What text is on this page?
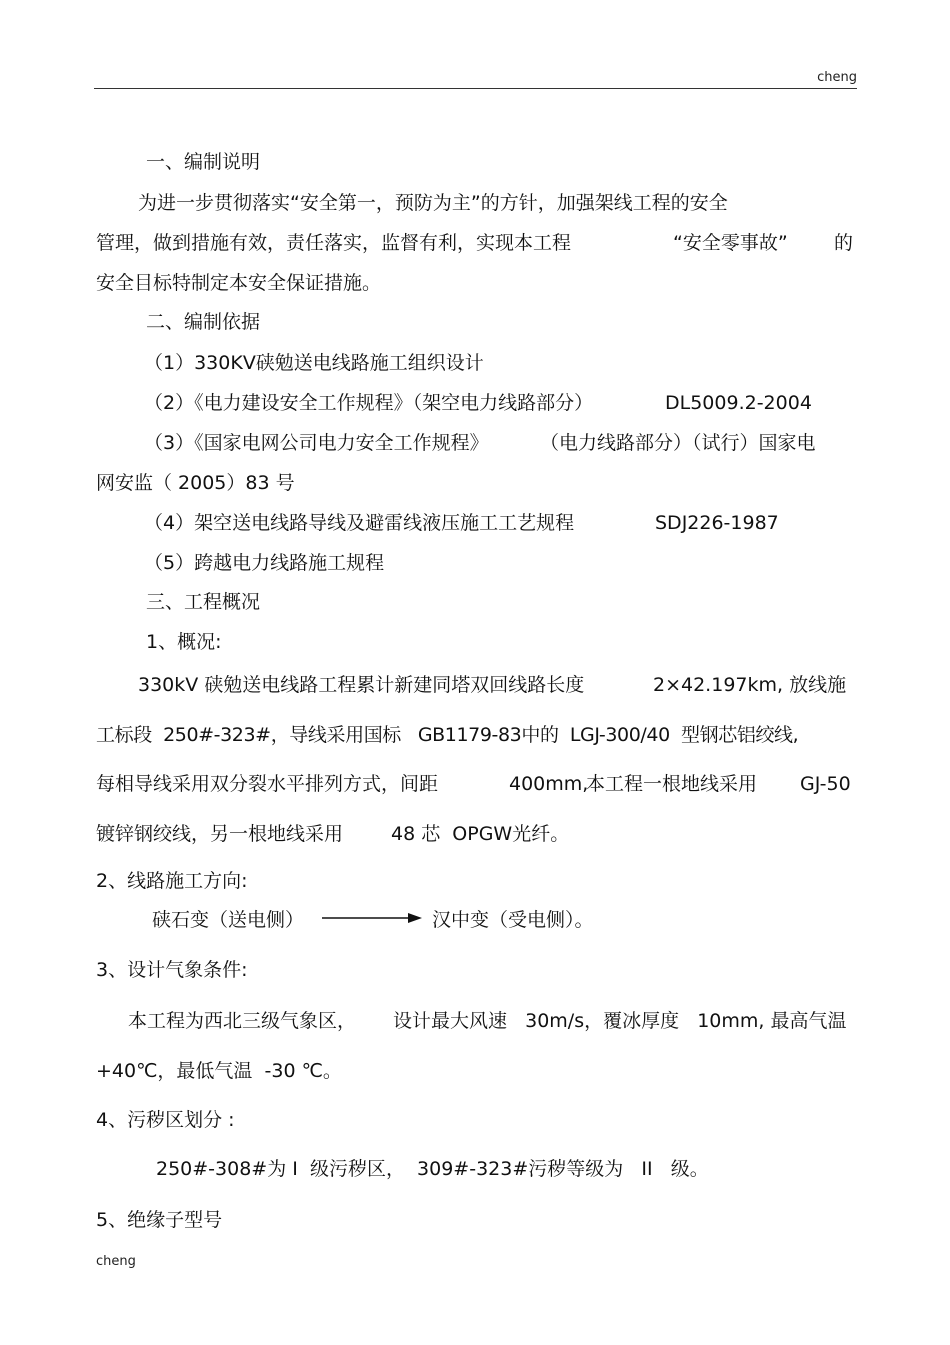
cheng
一、编制说明
为进一步贯彻落实“安全第一，预防为主”的方针，加强架线工程的安全
管理，做到措施有效，责任落实，监督有利，实现本工程	“安全零事故” 的
安全目标特制定本安全保证措施。
二、编制依据
（1）330KV硖勉送电线路施工组织设计
（2）《电力建设安全工作规程》（架空电力线路部分）	DL5009.2-2004
（3）《国家电网公司电力安全工作规程》	（电力线路部分）（试行）国家电
网安监（ 2005）83 号
（4）架空送电线路导线及避雷线液压施工工艺规程	SDJ226-1987
（5）跨越电力线路施工规程
三、工程概况
1、概况:
330kV 硖勉送电线路工程累计新建同塔双回线路长度	2×42.197km, 放线施
工标段  250#-323#，导线采用国标   GB1179-83中的  LGJ-300/40  型钢芯铝绞线,
每相导线采用双分裂水平排列方式，间距	400mm,
本工程一根地线采用 GJ-50
镀锌钢绞线，另一根地线采用	48 芯  OPGW光纤。
2、线路施工方向:
硖石变（送电侧）	汉中变（受电侧）。
3、设计气象条件:
本工程为西北三级气象区， 设计最大风速   30m/s，覆冰厚度   10mm, 最高气温
+40℃，最低气温  -30 ℃。
4、污秽区划分 :
250#-308#为 I  级污秽区，  309#-323#污秽等级为   II   级。
5、绝缘子型号
cheng
